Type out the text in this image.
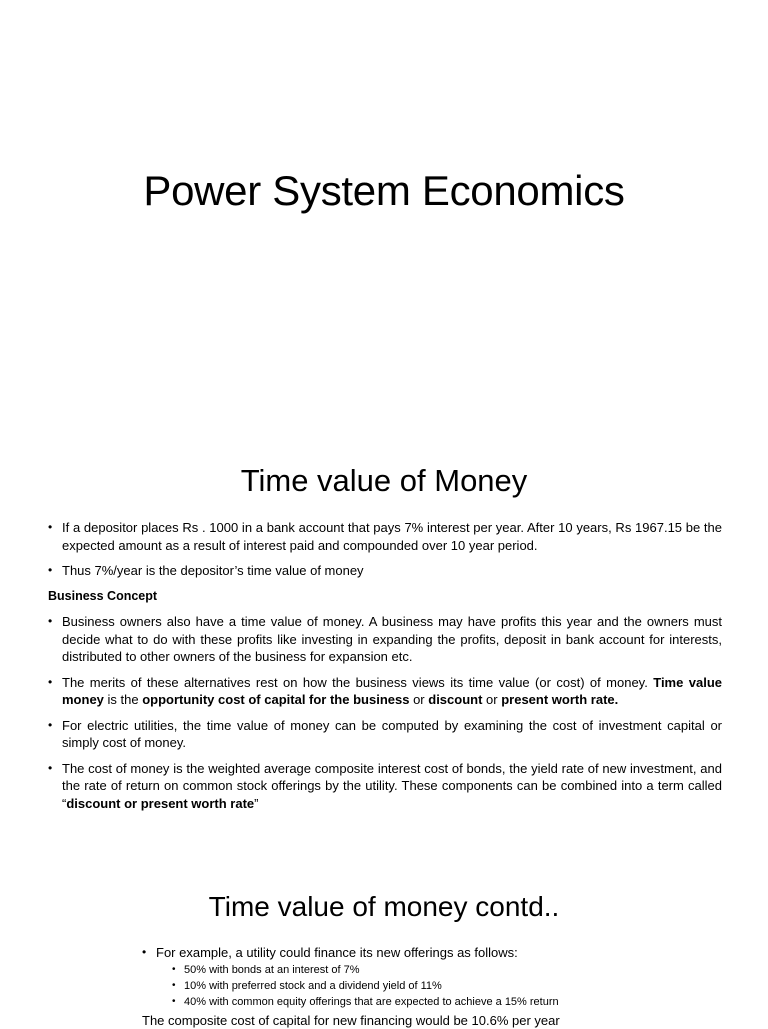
Power System Economics
Time value of Money
• If a depositor places Rs . 1000 in a bank account that pays 7% interest per year. After 10 years, Rs 1967.15 be the expected amount as a result of interest paid and compounded over 10 year period.
• Thus 7%/year is the depositor’s time value of money
Business Concept
• Business owners also have a time value of money. A business may have profits this year and the owners must decide what to do with these profits like investing in expanding the profits, deposit in bank account for interests, distributed to other owners of the business for expansion etc.
• The merits of these alternatives rest on how the business views its time value (or cost) of money. Time value money is the opportunity cost of capital for the business or discount or present worth rate.
• For electric utilities, the time value of money can be computed by examining the cost of investment capital or simply cost of money.
• The cost of money is the weighted average composite interest cost of bonds, the yield rate of new investment, and the rate of return on common stock offerings by the utility. These components can be combined into a term called “discount or present worth rate”
Time value of money contd..
• For example, a utility could finance its new offerings as follows:
• 50% with bonds at an interest of 7%
• 10% with preferred stock and a dividend yield of 11%
• 40% with common equity offerings that are expected to achieve a 15% return
The composite cost of capital for new financing would be 10.6% per year
